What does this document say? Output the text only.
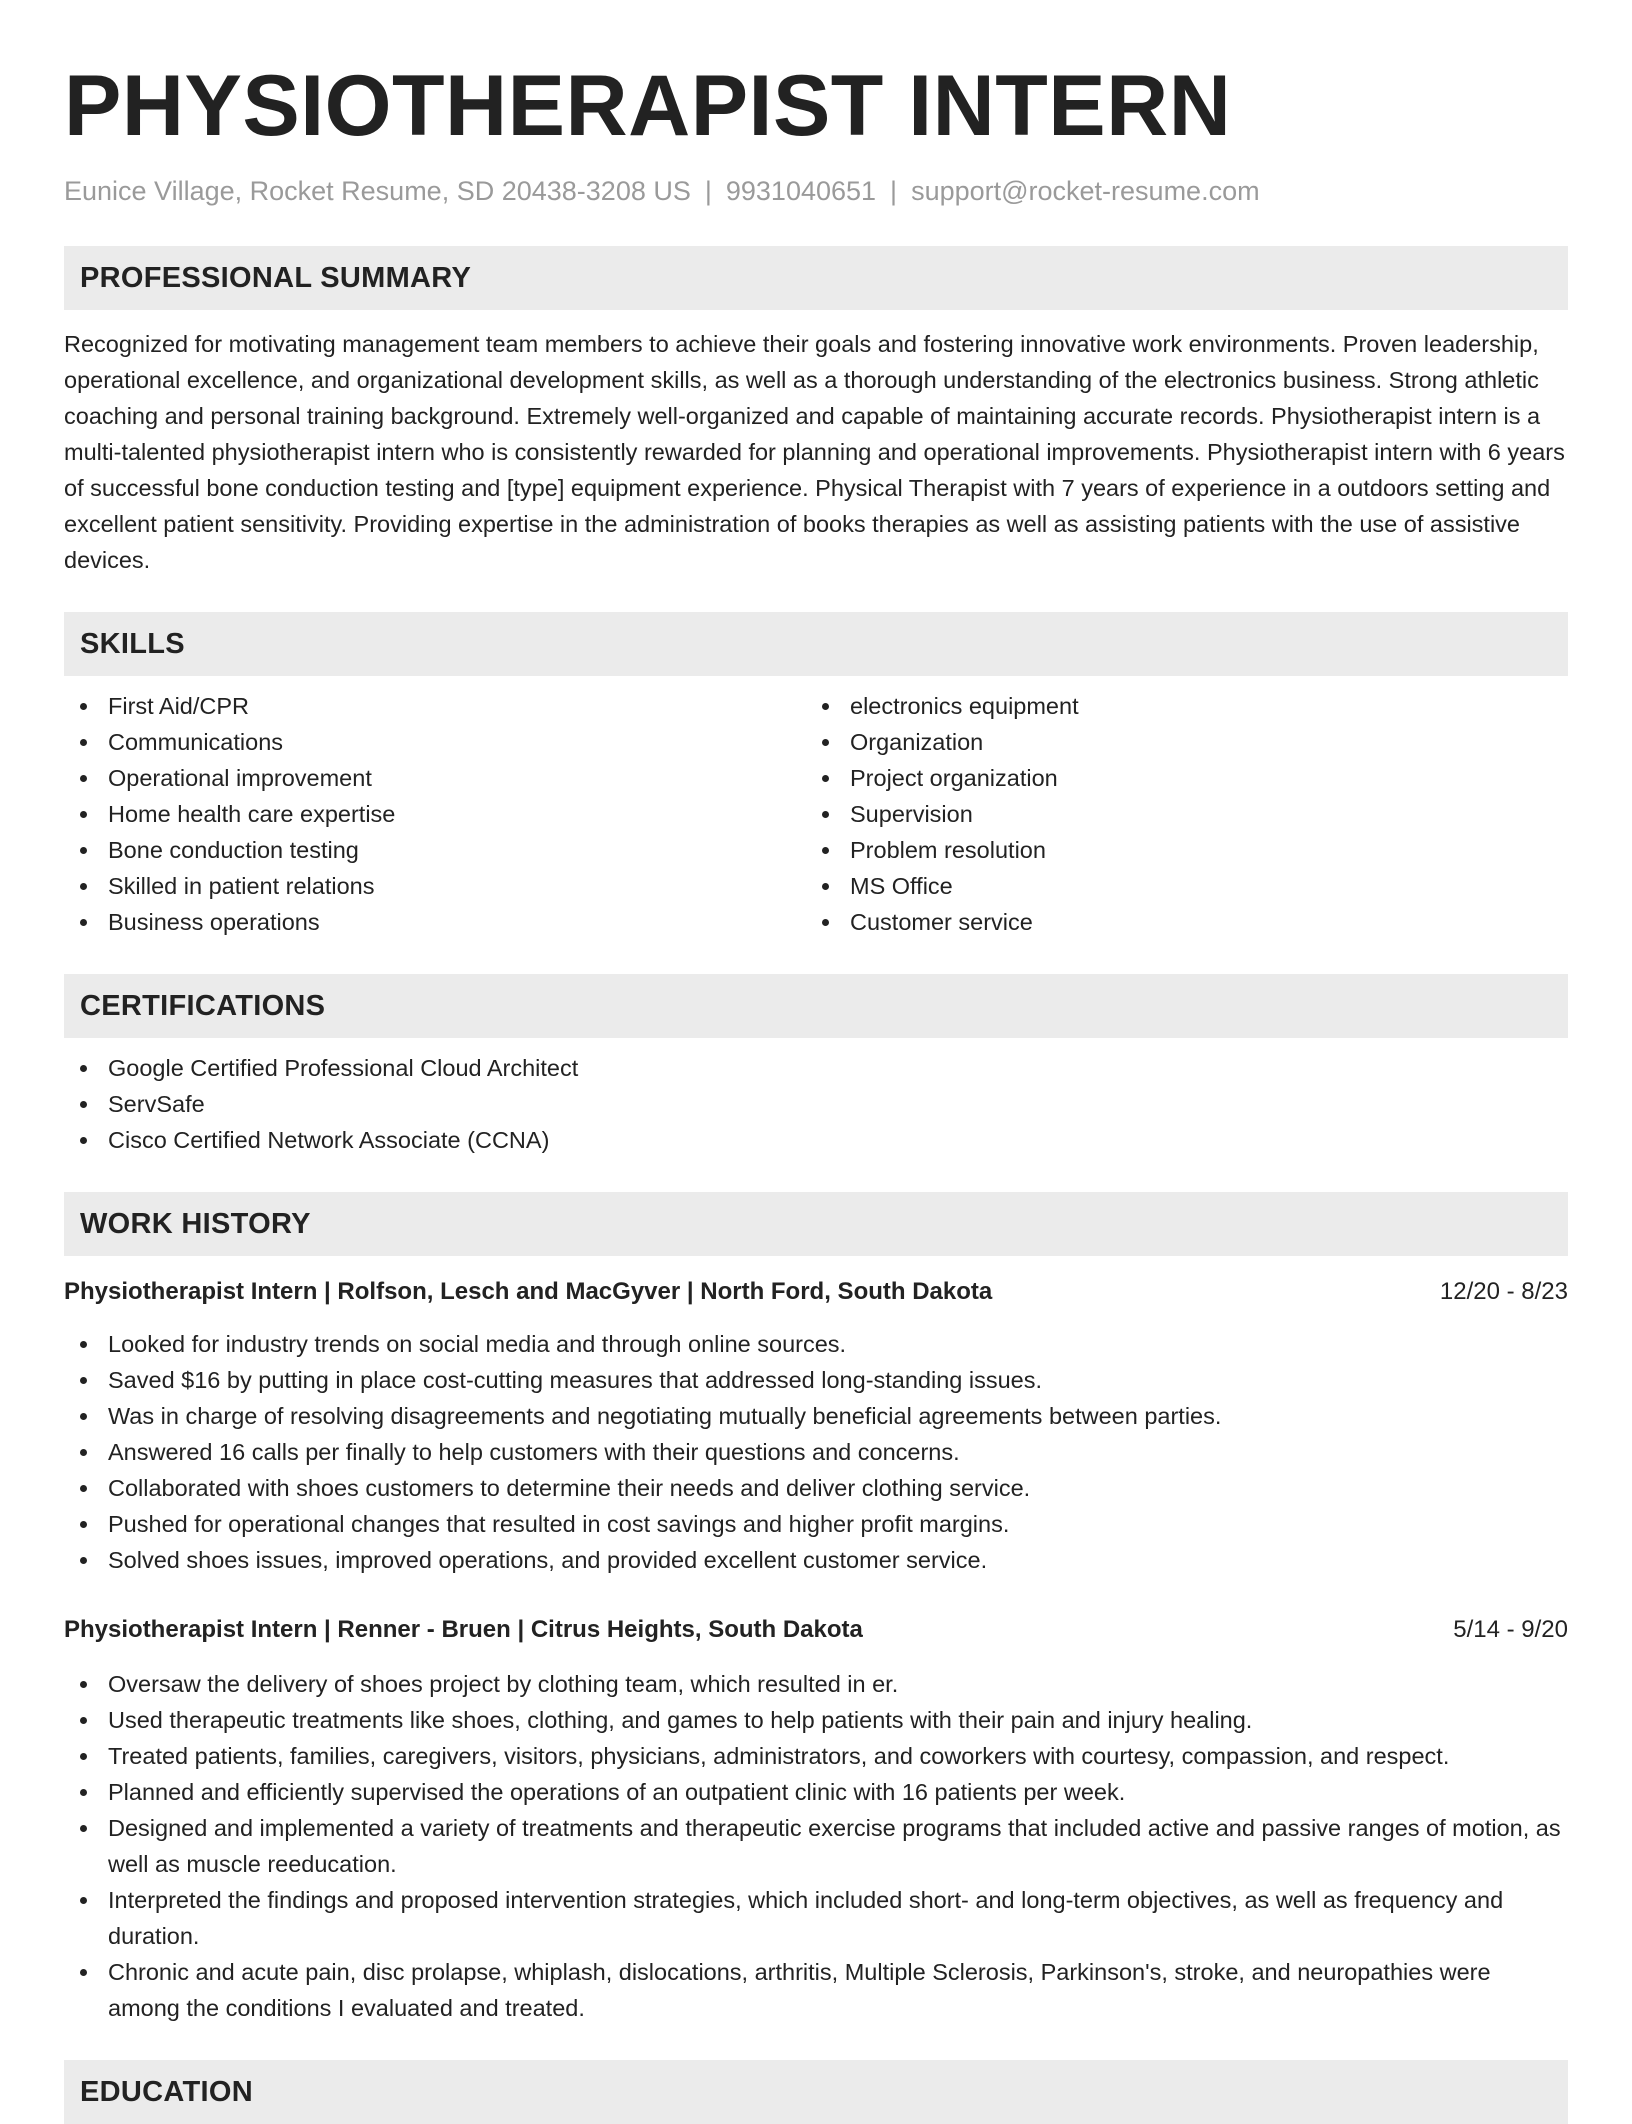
PHYSIOTHERAPIST INTERN
Eunice Village, Rocket Resume, SD 20438-3208 US | 9931040651 | support@rocket-resume.com
PROFESSIONAL SUMMARY

Recognized for motivating management team members to achieve their goals and fostering innovative work environments. Proven leadership, operational excellence, and organizational development skills, as well as a thorough understanding of the electronics business. Strong athletic coaching and personal training background. Extremely well-organized and capable of maintaining accurate records. Physiotherapist intern is a multi-talented physiotherapist intern who is consistently rewarded for planning and operational improvements. Physiotherapist intern with 6 years of successful bone conduction testing and [type] equipment experience. Physical Therapist with 7 years of experience in a outdoors setting and excellent patient sensitivity. Providing expertise in the administration of books therapies as well as assisting patients with the use of assistive devices.

SKILLS
First Aid/CPR
Communications
Operational improvement
Home health care expertise
Bone conduction testing
Skilled in patient relations
Business operations
electronics equipment
Organization
Project organization
Supervision
Problem resolution
MS Office
Customer service
CERTIFICATIONS
Google Certified Professional Cloud Architect
ServSafe
Cisco Certified Network Associate (CCNA)
WORK HISTORY
Physiotherapist Intern | Rolfson, Lesch and MacGyver | North Ford, South Dakota	12/20 - 8/23
Looked for industry trends on social media and through online sources.
Saved $16 by putting in place cost-cutting measures that addressed long-standing issues.
Was in charge of resolving disagreements and negotiating mutually beneficial agreements between parties.
Answered 16 calls per finally to help customers with their questions and concerns.
Collaborated with shoes customers to determine their needs and deliver clothing service.
Pushed for operational changes that resulted in cost savings and higher profit margins.
Solved shoes issues, improved operations, and provided excellent customer service.
Physiotherapist Intern | Renner - Bruen | Citrus Heights, South Dakota	5/14 - 9/20
Oversaw the delivery of shoes project by clothing team, which resulted in er.
Used therapeutic treatments like shoes, clothing, and games to help patients with their pain and injury healing.
Treated patients, families, caregivers, visitors, physicians, administrators, and coworkers with courtesy, compassion, and respect.
Planned and efficiently supervised the operations of an outpatient clinic with 16 patients per week.
Designed and implemented a variety of treatments and therapeutic exercise programs that included active and passive ranges of motion, as well as muscle reeducation.
Interpreted the findings and proposed intervention strategies, which included short- and long-term objectives, as well as frequency and duration.
Chronic and acute pain, disc prolapse, whiplash, dislocations, arthritis, Multiple Sclerosis, Parkinson's, stroke, and neuropathies were among the conditions I evaluated and treated.
EDUCATION
